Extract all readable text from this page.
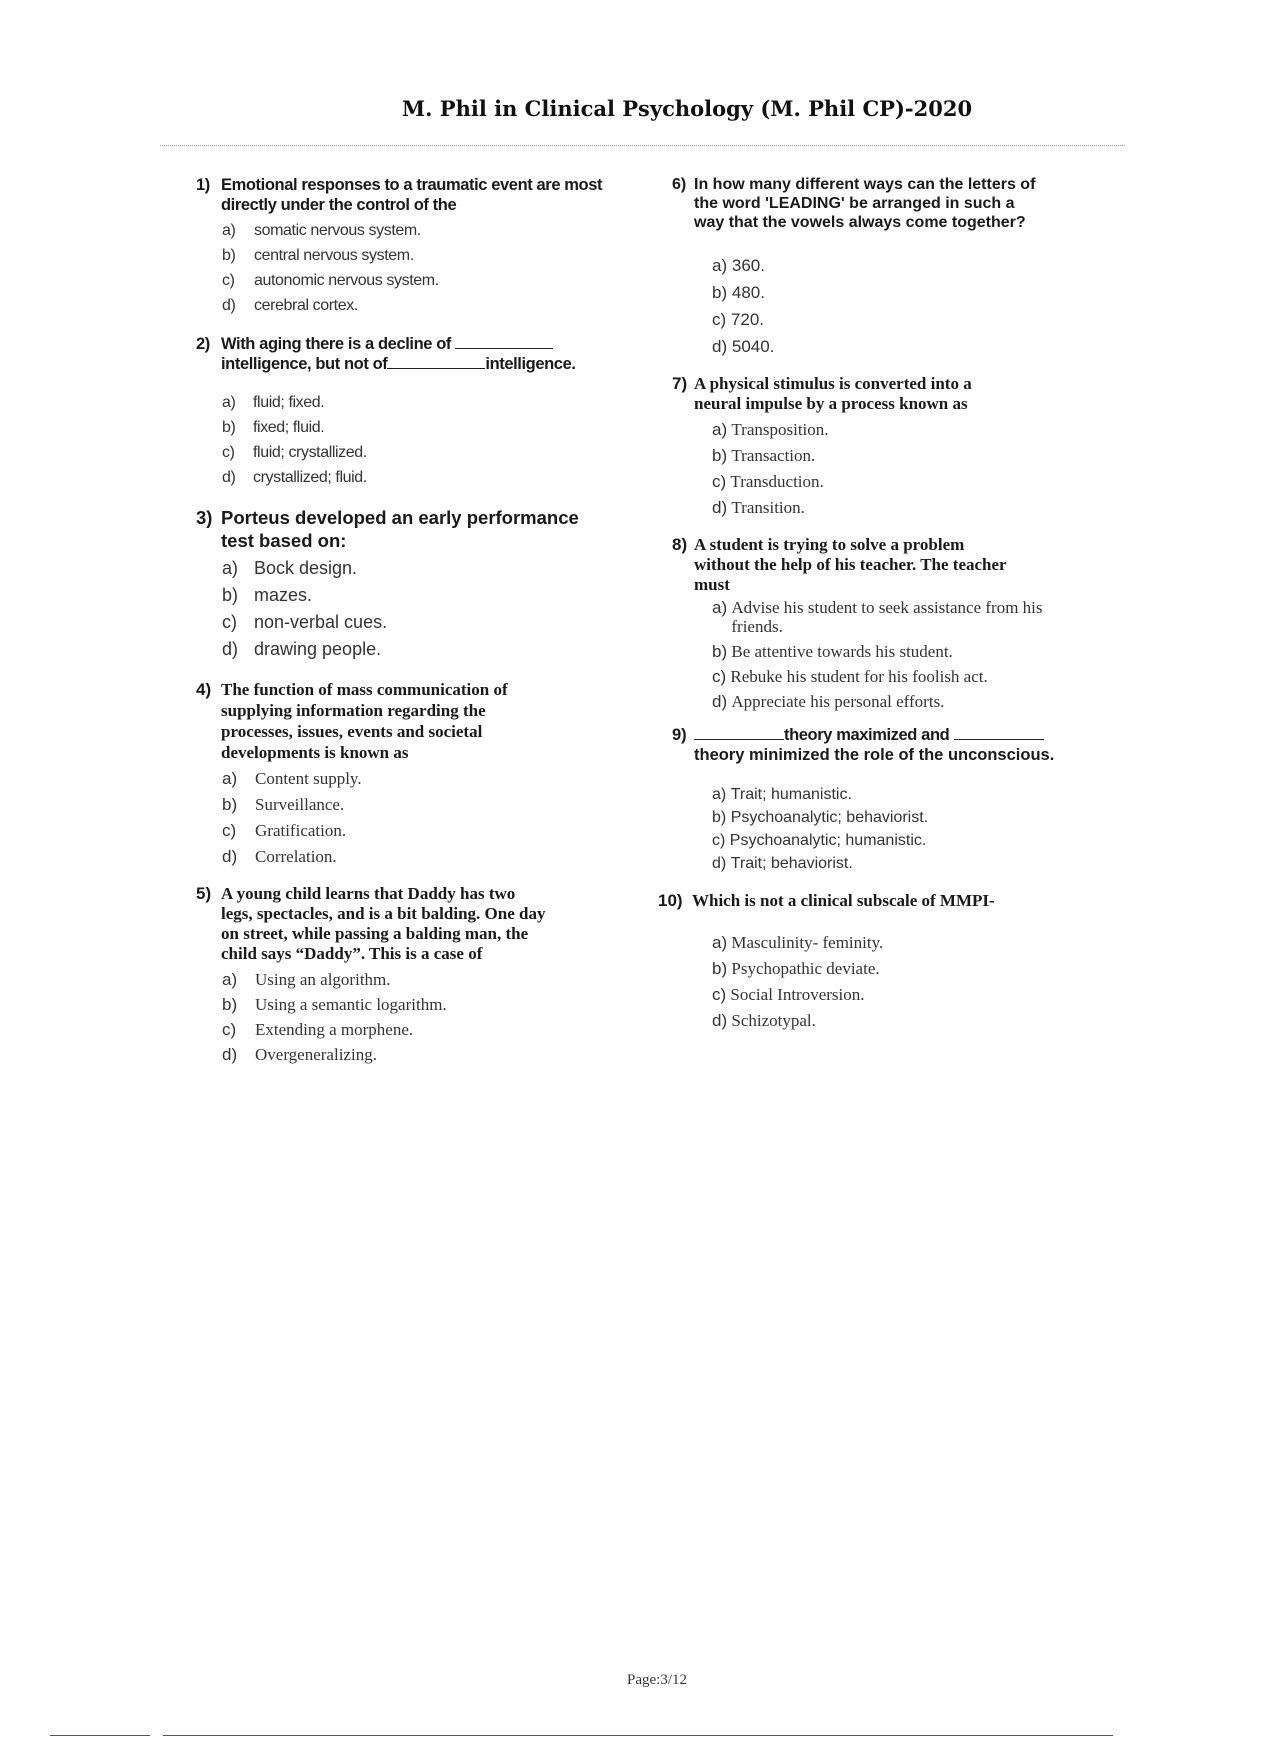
M. Phil in Clinical Psychology (M. Phil CP)-2020
1) Emotional responses to a traumatic event are most
directly under the control of the
a)	somatic nervous system.
b)	central nervous system.
c)	autonomic nervous system.
d)	cerebral cortex.
2) With aging there is a decline of
intelligence, but not of	intelligence.
a)	fluid; fixed.
b)	fixed; fluid.
c)	fluid; crystallized.
d)	crystallized; fluid.
3) Porteus developed an early performance
test based on:
a) Bock design.
b) mazes.
c) non-verbal cues.
d) drawing people.
4) The function of mass communication of
supplying information regarding the
processes, issues, events and societal
developments is known as
a)	Content supply.
b)	Surveillance.
c)	Gratification.
d)	Correlation.
5) A young child learns that Daddy has two
legs, spectacles, and is a bit balding. One day
on street, while passing a balding man, the
child says “Daddy”. This is a case of
a)	Using an algorithm.
b)	Using a semantic logarithm.
c)	Extending a morphene.
d)	Overgeneralizing.
6) In how many different ways can the letters of
the word 'LEADING' be arranged in such a
way that the vowels always come together?
a)
360.
b)
480.
c)
720.
d)
5040.
7) A physical stimulus is converted into a
neural impulse by a process known as
a)
Transposition.
b)
Transaction.
c)
Transduction.
d)
Transition.
8) A student is trying to solve a problem
without the help of his teacher. The teacher
must
a)
Advise his student to seek assistance from his friends.
b)
Be attentive towards his student.
c)
Rebuke his student for his foolish act.
d)
Appreciate his personal efforts.
9)	theory maximized and
theory minimized the role of the unconscious.
a)
Trait; humanistic.
b)
Psychoanalytic; behaviorist.
c)
Psychoanalytic; humanistic.
d)
Trait; behaviorist.
10) Which is not a clinical subscale of MMPI-
a)
Masculinity- feminity.
b)
Psychopathic deviate.
c)
Social Introversion.
d)
Schizotypal.
Page:3/12
